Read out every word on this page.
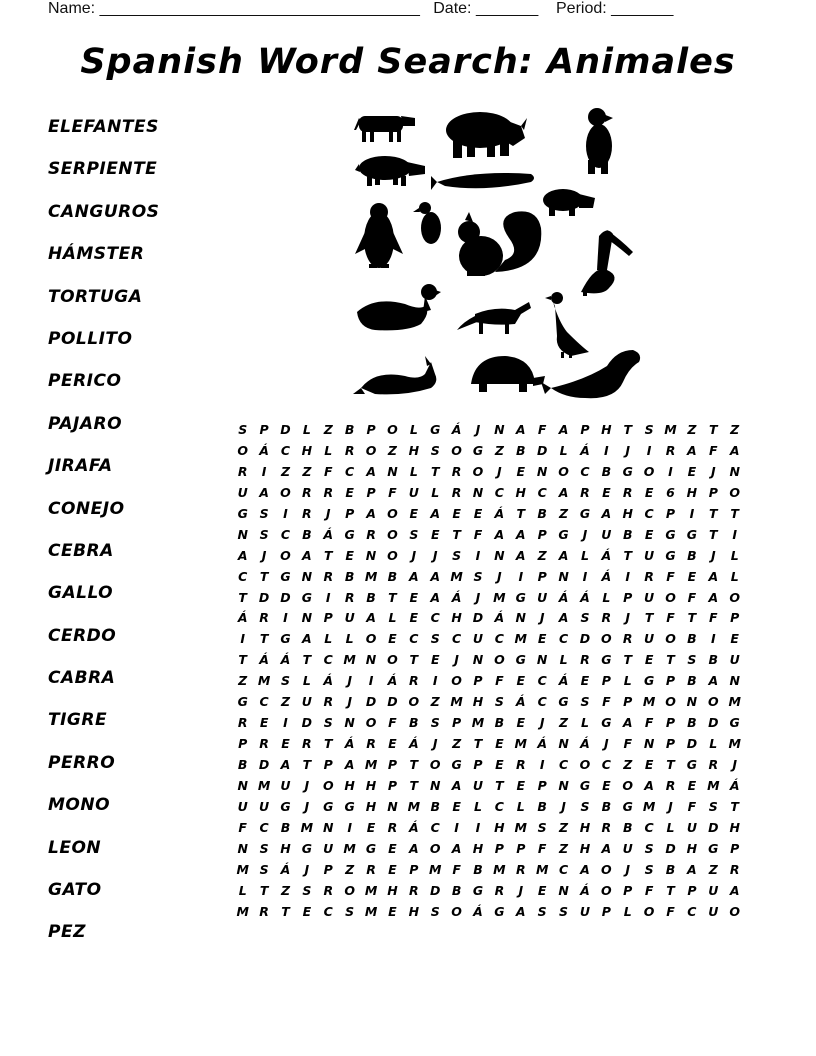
Name: ____________________________________   Date: _______    Period: _______
Spanish Word Search: Animales
ELEFANTES
SERPIENTE
CANGUROS
HÁMSTER
TORTUGA
POLLITO
PERICO
PAJARO
JIRAFA
CONEJO
CEBRA
GALLO
CERDO
CABRA
TIGRE
PERRO
MONO
LEON
GATO
PEZ
S P D L Z B P O L G Á J N A F A P H T S M Z T Z
O Á C H L R O Z H S O G Z B D L Á I J I R A F A
R I Z Z F C A N L T R O J E N O C B G O I E J N
U A O R R E P F U L R N C H C A R E R E 6 H P O
G S I R J P A O E A E E Á T B Z G A H C P I T T
N S C B Á G R O S E T F A A P G J U B E G G T I
A J O A T E N O J J S I N A Z A L Á T U G B J L
C T G N R B M B A A M S J I P N I Á I R F E A L
T D D G I R B T E A Á J M G U Á Á L P U O F A O
Á R I N P U A L E C H D Á N J A S R J T F T F P
I T G A L L O E C S C U C M E C D O R U O B I E
T Á Á T C M N O T E J N O G N L R G T E T S B U
Z M S L Á J I Á R I O P F E C Á E P L G P B A N
G C Z U R J D D O Z M H S Á C G S F P M O N O M
R E I D S N O F B S P M B E J Z L G A F P B D G
P R E R T Á R E Á J Z T E M Á N Á J F N P D L M
B D A T P A M P T O G P E R I C O C Z E T G R J
N M U J O H H P T N A U T E P N G E O A R E M Á
U U G J G G H N M B E L C L B J S B G M J F S T
F C B M N I E R Á C I I H M S Z H R B C L U D H
N S H G U M G E A O A H P P F Z H A U S D H G P
M S Á J P Z R E P M F B M R M C A O J S B A Z R
L T Z S R O M H R D B G R J E N Á O P F T P U A
M R T E C S M E H S O Á G A S S U P L O F C U O
